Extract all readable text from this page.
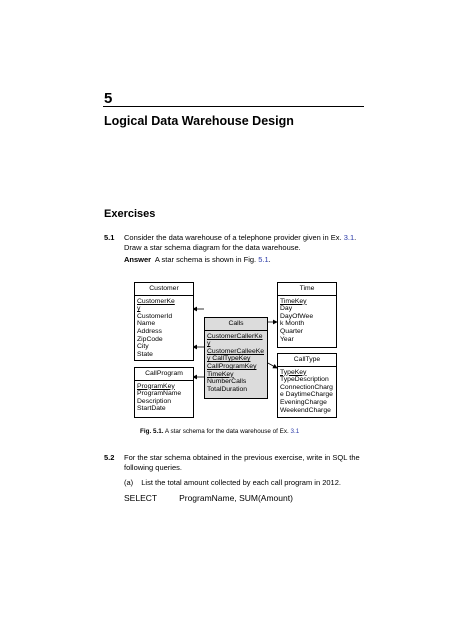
5
Logical Data Warehouse Design
Exercises
5.1 Consider the data warehouse of a telephone provider given in Ex. 3.1.
Draw a star schema diagram for the data warehouse.
Answer  A star schema is shown in Fig. 5.1.
Customer
CustomerKe
y
CustomerId
Name
Address
ZipCode
City
State
Time
TimeKey
Day
DayOfWee
k Month
Quarter
Year
Calls
CustomerCallerKe
y
CustomerCalleeKe
y CallTypeKey
CallProgramKey
TimeKey
NumberCalls
TotalDuration
CallType
TypeKey
TypeDescription
ConnectionCharg
e DaytimeCharge
EveningCharge
WeekendCharge
CallProgram
ProgramKey
ProgramName
Description
StartDate
Fig. 5.1. A star schema for the data warehouse of Ex. 3.1
5.2 For the star schema obtained in the previous exercise, write in SQL the
following queries.
(a) List the total amount collected by each call program in 2012.
SELECT	ProgramName, SUM(Amount)
